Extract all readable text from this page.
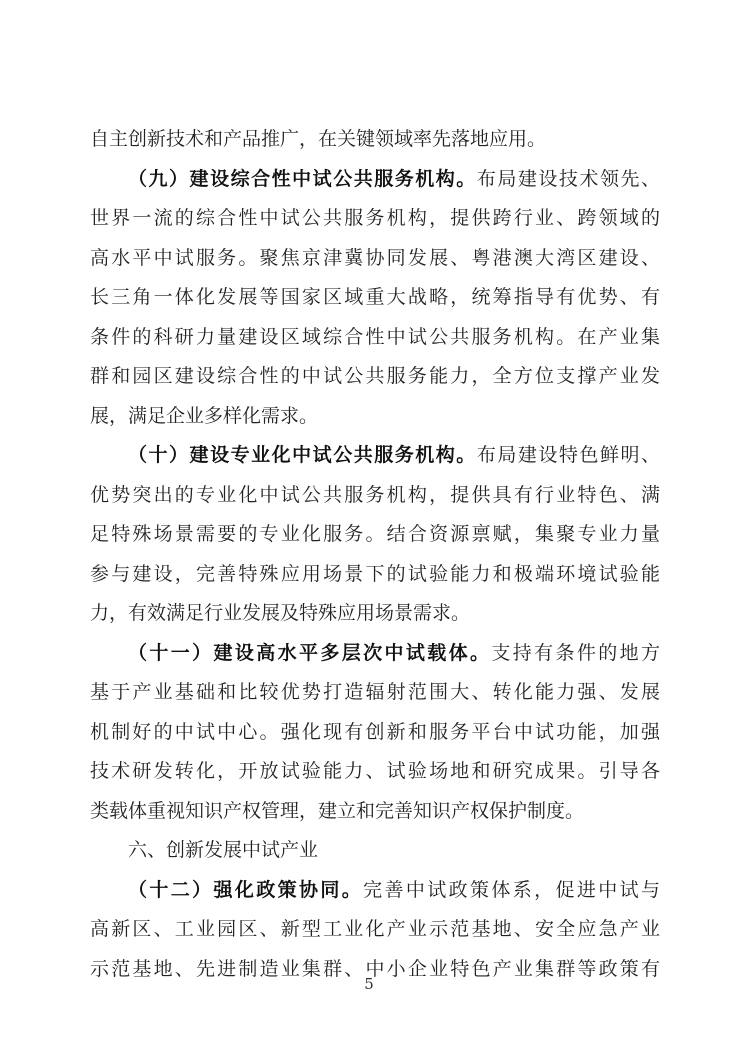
自主创新技术和产品推广，在关键领域率先落地应用。
（九）建设综合性中试公共服务机构。布局建设技术领先、
世界一流的综合性中试公共服务机构，提供跨行业、跨领域的
高水平中试服务。聚焦京津冀协同发展、粤港澳大湾区建设、
长三角一体化发展等国家区域重大战略，统筹指导有优势、有
条件的科研力量建设区域综合性中试公共服务机构。在产业集
群和园区建设综合性的中试公共服务能力，全方位支撑产业发
展，满足企业多样化需求。
（十）建设专业化中试公共服务机构。布局建设特色鲜明、
优势突出的专业化中试公共服务机构，提供具有行业特色、满
足特殊场景需要的专业化服务。结合资源禀赋，集聚专业力量
参与建设，完善特殊应用场景下的试验能力和极端环境试验能
力，有效满足行业发展及特殊应用场景需求。
（十一）建设高水平多层次中试载体。支持有条件的地方
基于产业基础和比较优势打造辐射范围大、转化能力强、发展
机制好的中试中心。强化现有创新和服务平台中试功能，加强
技术研发转化，开放试验能力、试验场地和研究成果。引导各
类载体重视知识产权管理，建立和完善知识产权保护制度。
六、创新发展中试产业
（十二）强化政策协同。完善中试政策体系，促进中试与
高新区、工业园区、新型工业化产业示范基地、安全应急产业
示范基地、先进制造业集群、中小企业特色产业集群等政策有
5
